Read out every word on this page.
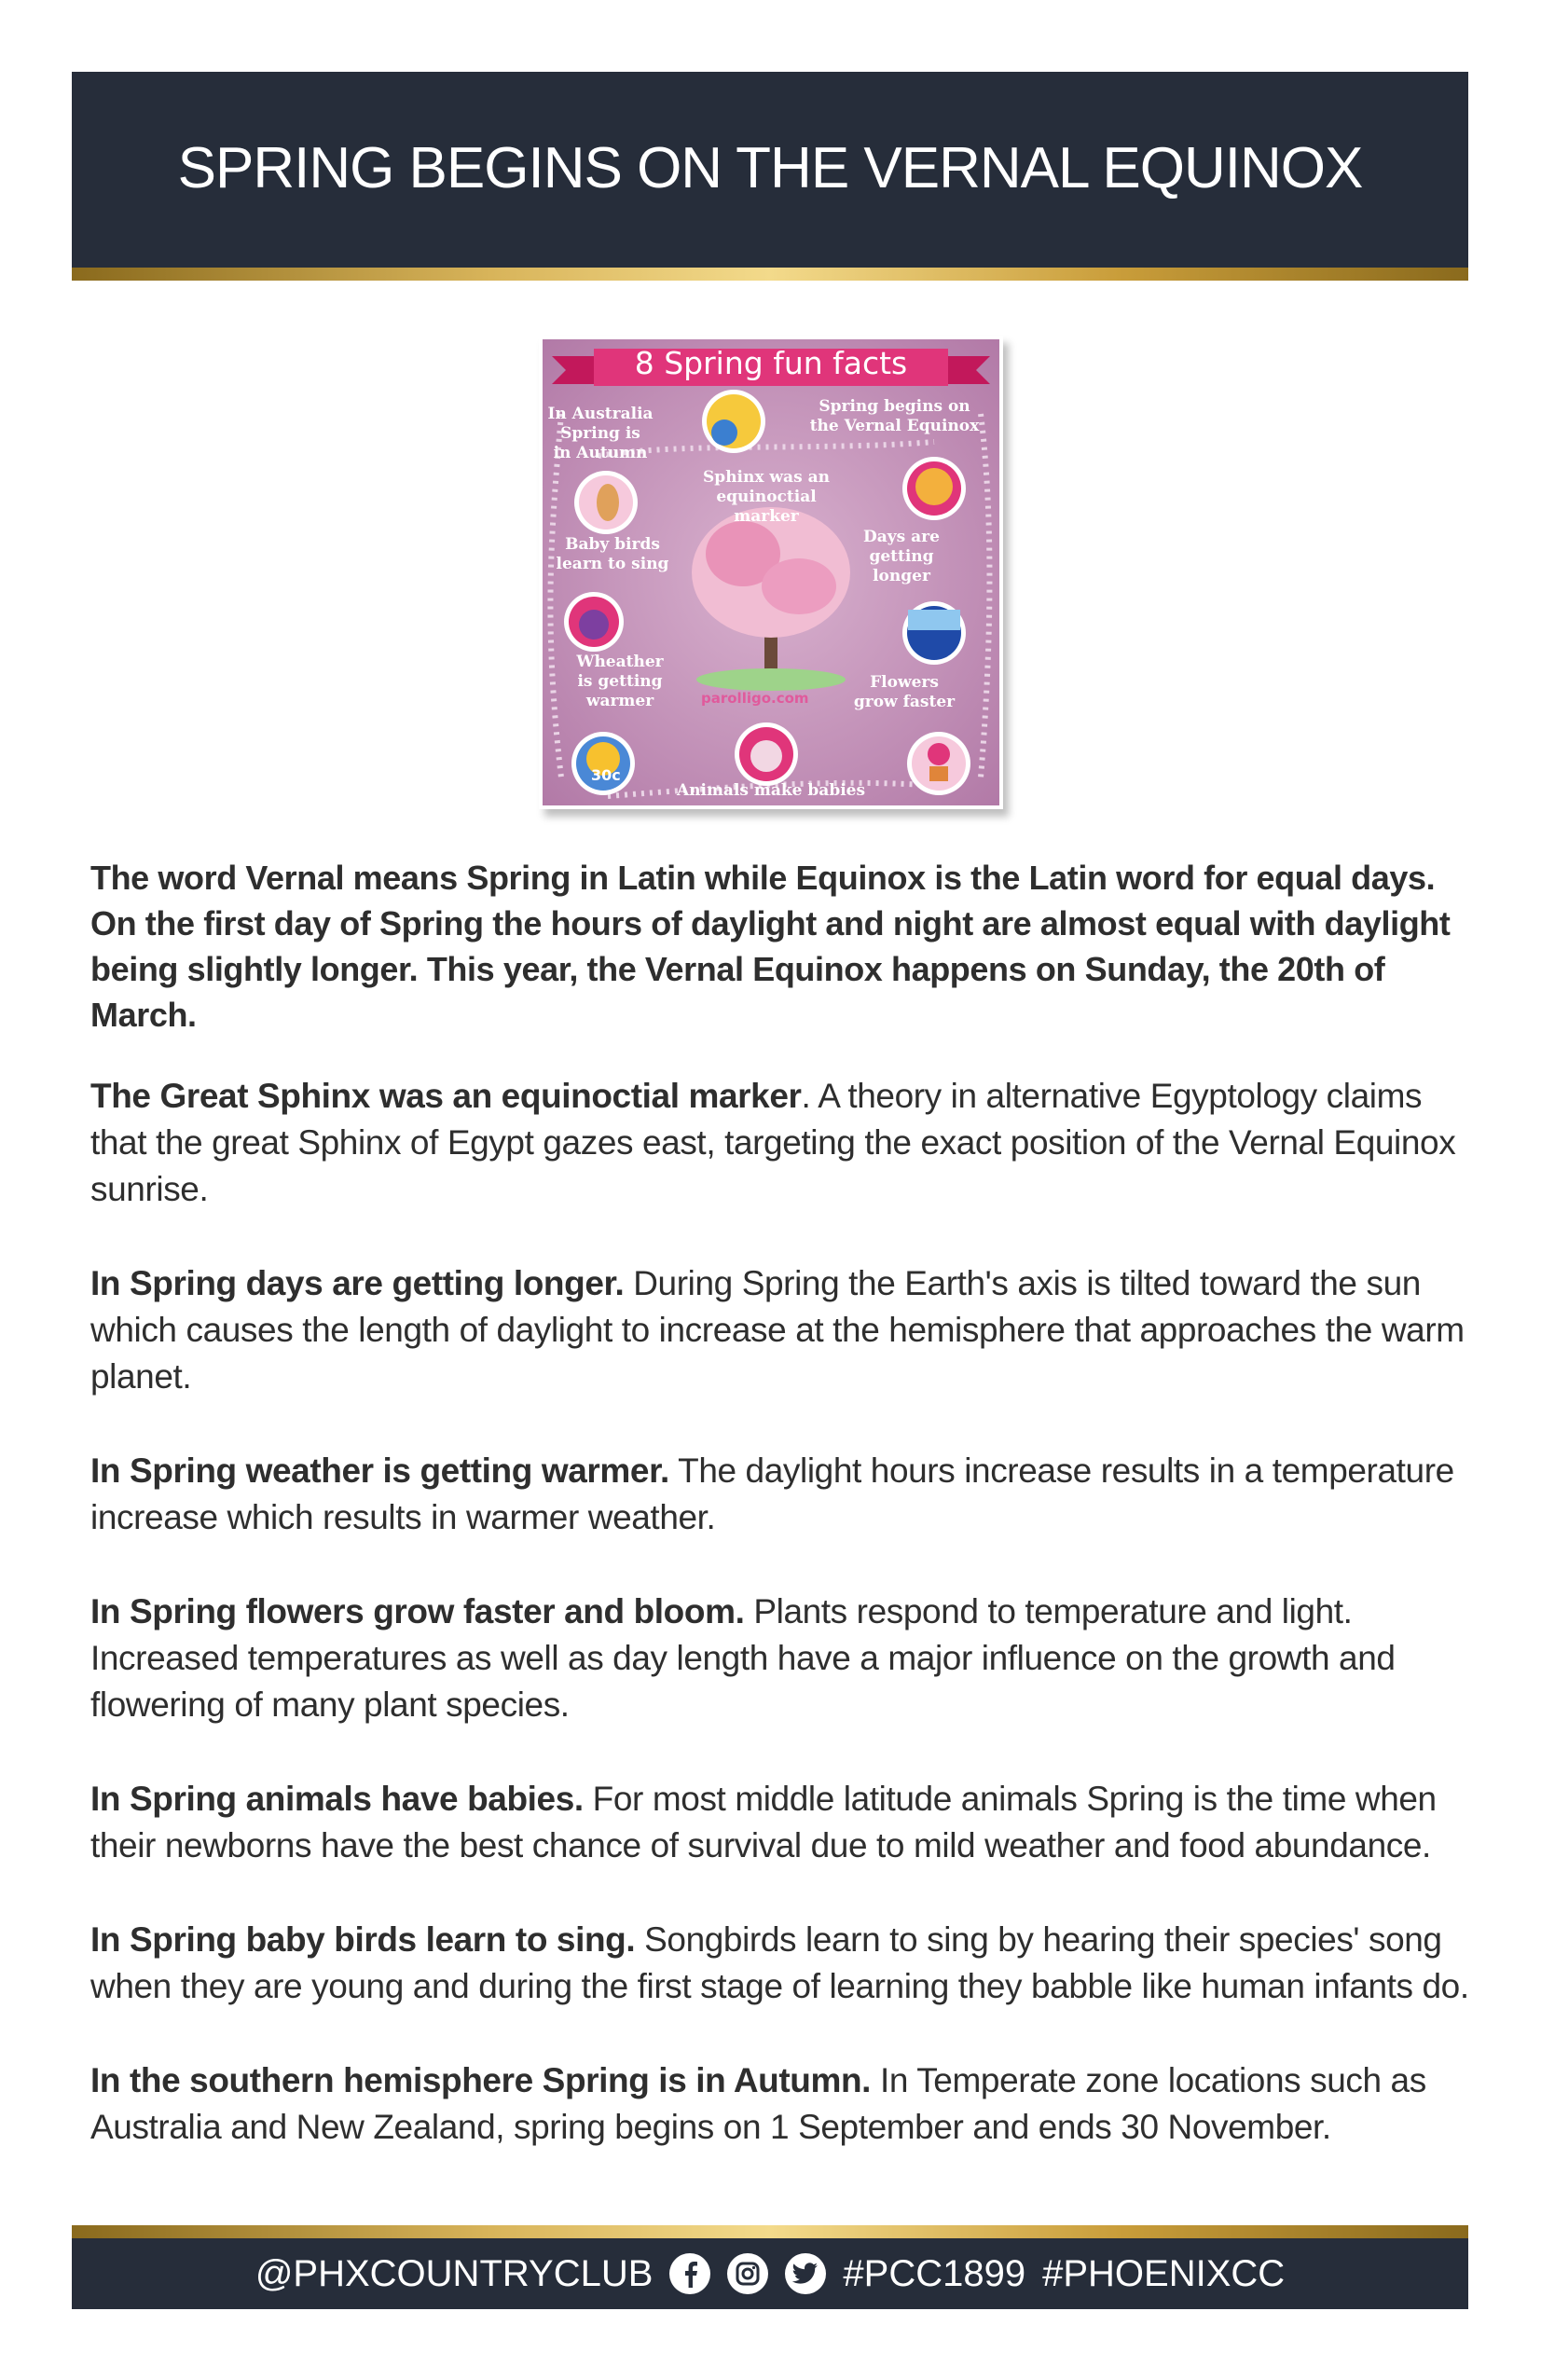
SPRING BEGINS ON THE VERNAL EQUINOX
8 Spring fun facts
In Australia
Spring is
in Autumn
Spring begins on
the Vernal Equinox
Sphinx was an
equinoctial marker
Baby birds
learn to sing
Days are
getting
longer
Wheather
is getting
warmer
Flowers
grow faster
Animals make babies
parolligo.com
30c

The word Vernal means Spring in Latin while Equinox is the Latin word for equal days.

On the first day of Spring the hours of daylight and night are almost equal with daylight

being slightly longer. This year, the Vernal Equinox happens on Sunday, the 20th of March.

The Great Sphinx was an equinoctial marker. A theory in alternative Egyptology claims that the great Sphinx of Egypt gazes east, targeting the exact position of the Vernal Equinox sunrise.

In Spring days are getting longer. During Spring the Earth's axis is tilted toward the sun which causes the length of daylight to increase at the hemisphere that approaches the warm planet.

In Spring weather is getting warmer. The daylight hours increase results in a temperature increase which results in warmer weather.

In Spring flowers grow faster and bloom. Plants respond to temperature and light. Increased temperatures as well as day length have a major influence on the growth and flowering of many plant species.

In Spring animals have babies. For most middle latitude animals Spring is the time when their newborns have the best chance of survival due to mild weather and food abundance.

In Spring baby birds learn to sing. Songbirds learn to sing by hearing their species' song when they are young and during the first stage of learning they babble like human infants do.

In the southern hemisphere Spring is in Autumn. In Temperate zone locations such as Australia and New Zealand, spring begins on 1 September and ends 30 November.

@PHXCOUNTRYCLUB	#PCC1899 #PHOENIXCC
